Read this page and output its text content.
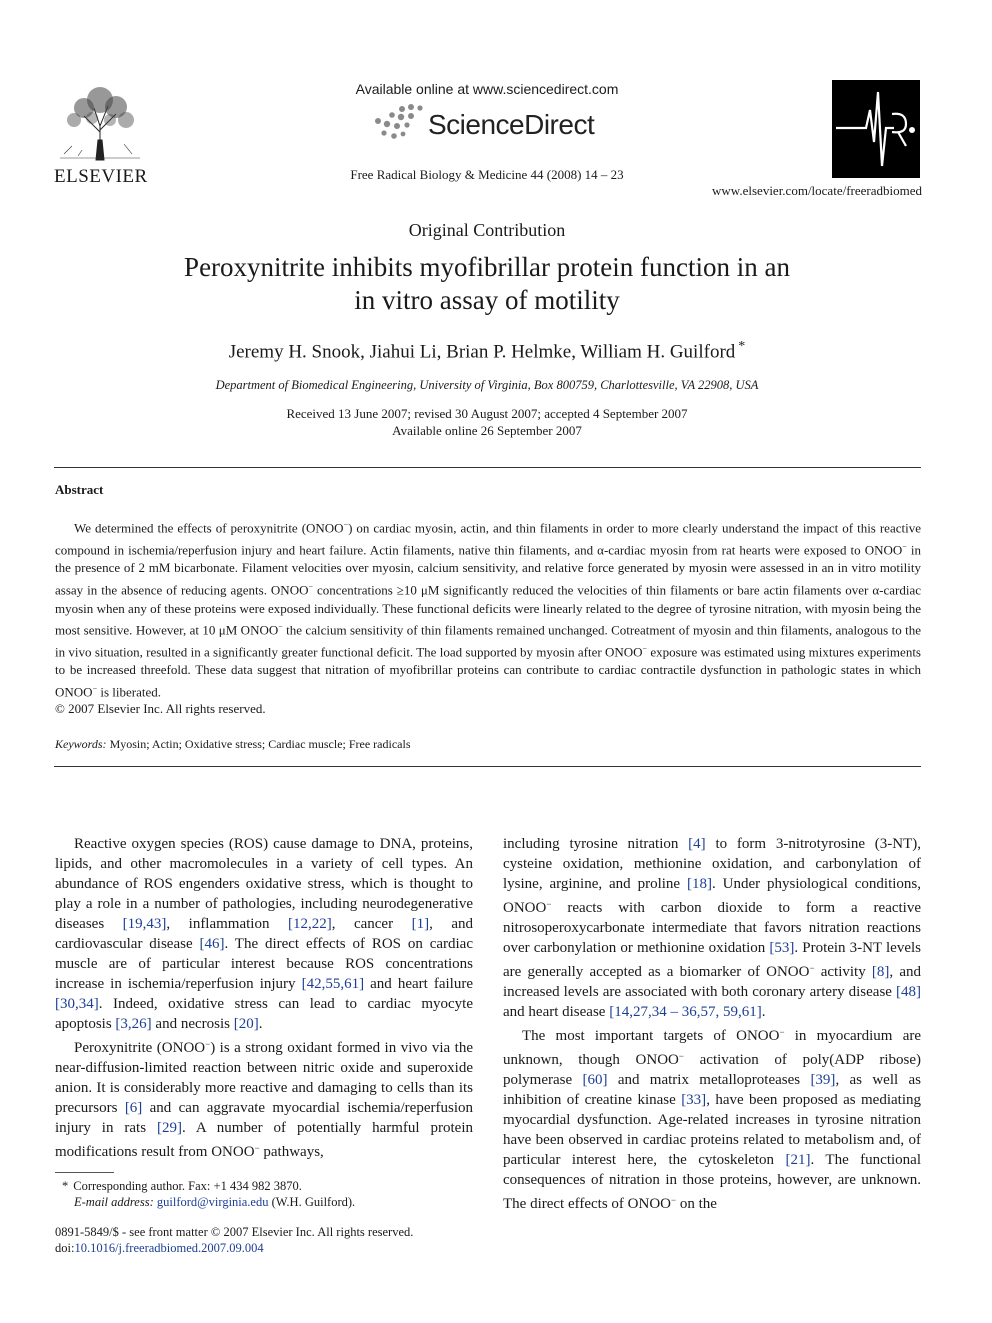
ELSEVIER
Available online at www.sciencedirect.com
ScienceDirect
Free Radical Biology & Medicine 44 (2008) 14 – 23
www.elsevier.com/locate/freeradbiomed
Original Contribution
Peroxynitrite inhibits myofibrillar protein function in an
in vitro assay of motility
Jeremy H. Snook, Jiahui Li, Brian P. Helmke, William H. Guilford *
Department of Biomedical Engineering, University of Virginia, Box 800759, Charlottesville, VA 22908, USA
Received 13 June 2007; revised 30 August 2007; accepted 4 September 2007
Available online 26 September 2007
Abstract
We determined the effects of peroxynitrite (ONOO−) on cardiac myosin, actin, and thin filaments in order to more clearly understand the impact of this reactive compound in ischemia/reperfusion injury and heart failure. Actin filaments, native thin filaments, and α-cardiac myosin from rat hearts were exposed to ONOO− in the presence of 2 mM bicarbonate. Filament velocities over myosin, calcium sensitivity, and relative force generated by myosin were assessed in an in vitro motility assay in the absence of reducing agents. ONOO− concentrations ≥10 μM significantly reduced the velocities of thin filaments or bare actin filaments over α-cardiac myosin when any of these proteins were exposed individually. These functional deficits were linearly related to the degree of tyrosine nitration, with myosin being the most sensitive. However, at 10 μM ONOO− the calcium sensitivity of thin filaments remained unchanged. Cotreatment of myosin and thin filaments, analogous to the in vivo situation, resulted in a significantly greater functional deficit. The load supported by myosin after ONOO− exposure was estimated using mixtures experiments to be increased threefold. These data suggest that nitration of myofibrillar proteins can contribute to cardiac contractile dysfunction in pathologic states in which ONOO− is liberated.
© 2007 Elsevier Inc. All rights reserved.
Keywords: Myosin; Actin; Oxidative stress; Cardiac muscle; Free radicals

Reactive oxygen species (ROS) cause damage to DNA, proteins, lipids, and other macromolecules in a variety of cell types. An abundance of ROS engenders oxidative stress, which is thought to play a role in a number of pathologies, including neurodegenerative diseases [19,43], inflammation [12,22], cancer [1], and cardiovascular disease [46]. The direct effects of ROS on cardiac muscle are of particular interest because ROS concentrations increase in ischemia/reperfusion injury [42,55,61] and heart failure [30,34]. Indeed, oxidative stress can lead to cardiac myocyte apoptosis [3,26] and necrosis [20].

Peroxynitrite (ONOO−) is a strong oxidant formed in vivo via the near-diffusion-limited reaction between nitric oxide and superoxide anion. It is considerably more reactive and damaging to cells than its precursors [6] and can aggravate myocardial ischemia/reperfusion injury in rats [29]. A number of potentially harmful protein modifications result from ONOO− pathways,

including tyrosine nitration [4] to form 3-nitrotyrosine (3-NT), cysteine oxidation, methionine oxidation, and carbonylation of lysine, arginine, and proline [18]. Under physiological conditions, ONOO− reacts with carbon dioxide to form a reactive nitrosoperoxycarbonate intermediate that favors nitration reactions over carbonylation or methionine oxidation [53]. Protein 3-NT levels are generally accepted as a biomarker of ONOO− activity [8], and increased levels are associated with both coronary artery disease [48] and heart disease [14,27,34 – 36,57, 59,61].

The most important targets of ONOO− in myocardium are unknown, though ONOO− activation of poly(ADP ribose) polymerase [60] and matrix metalloproteases [39], as well as inhibition of creatine kinase [33], have been proposed as mediating myocardial dysfunction. Age-related increases in tyrosine nitration have been observed in cardiac proteins related to metabolism and, of particular interest here, the cytoskeleton [21]. The functional consequences of nitration in those proteins, however, are unknown. The direct effects of ONOO− on the

* Corresponding author. Fax: +1 434 982 3870.
E-mail address: guilford@virginia.edu (W.H. Guilford).
0891-5849/$ - see front matter © 2007 Elsevier Inc. All rights reserved.
doi:10.1016/j.freeradbiomed.2007.09.004
